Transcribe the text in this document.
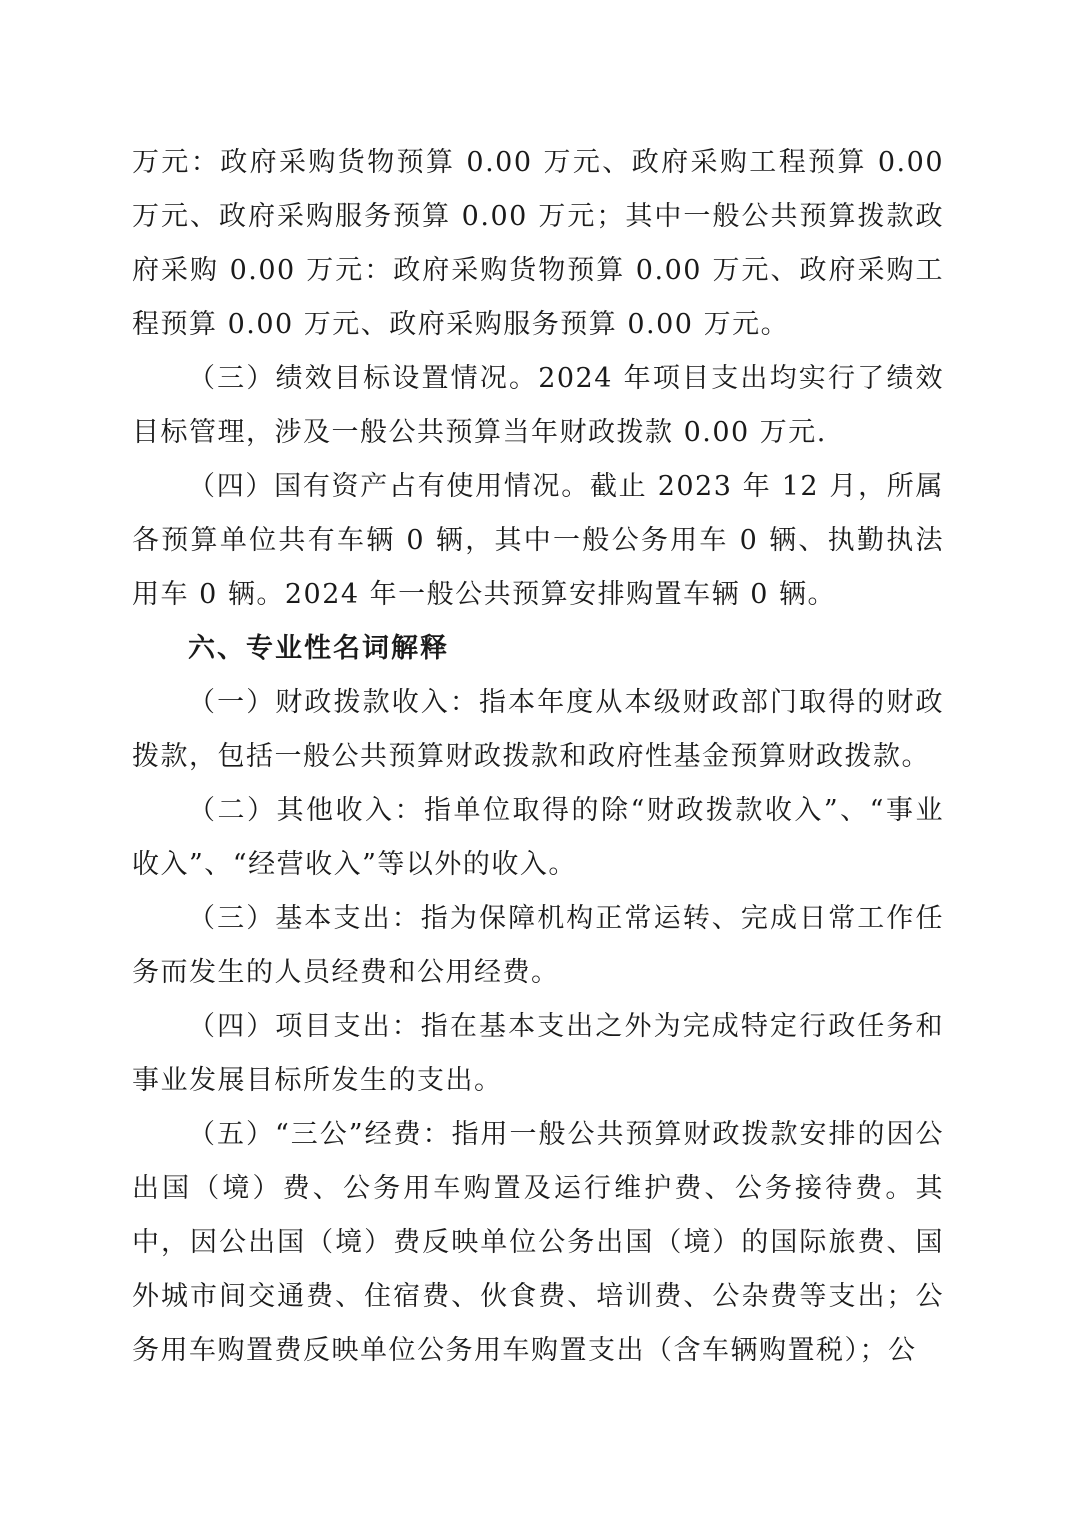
万元：政府采购货物预算 0.00 万元、政府采购工程预算 0.00 万元、政府采购服务预算 0.00 万元；其中一般公共预算拨款政府采购 0.00 万元：政府采购货物预算 0.00 万元、政府采购工程预算 0.00 万元、政府采购服务预算 0.00 万元。

（三）绩效目标设置情况。2024 年项目支出均实行了绩效目标管理，涉及一般公共预算当年财政拨款 0.00 万元.

（四）国有资产占有使用情况。截止 2023 年 12 月，所属各预算单位共有车辆 0 辆，其中一般公务用车 0 辆、执勤执法用车 0 辆。2024 年一般公共预算安排购置车辆 0 辆。

六、专业性名词解释

（一）财政拨款收入：指本年度从本级财政部门取得的财政拨款，包括一般公共预算财政拨款和政府性基金预算财政拨款。

（二）其他收入：指单位取得的除“财政拨款收入”、“事业收入”、“经营收入”等以外的收入。

（三）基本支出：指为保障机构正常运转、完成日常工作任务而发生的人员经费和公用经费。

（四）项目支出：指在基本支出之外为完成特定行政任务和事业发展目标所发生的支出。

（五）“三公”经费：指用一般公共预算财政拨款安排的因公出国（境）费、公务用车购置及运行维护费、公务接待费。其中，因公出国（境）费反映单位公务出国（境）的国际旅费、国外城市间交通费、住宿费、伙食费、培训费、公杂费等支出；公务用车购置费反映单位公务用车购置支出（含车辆购置税）；公
